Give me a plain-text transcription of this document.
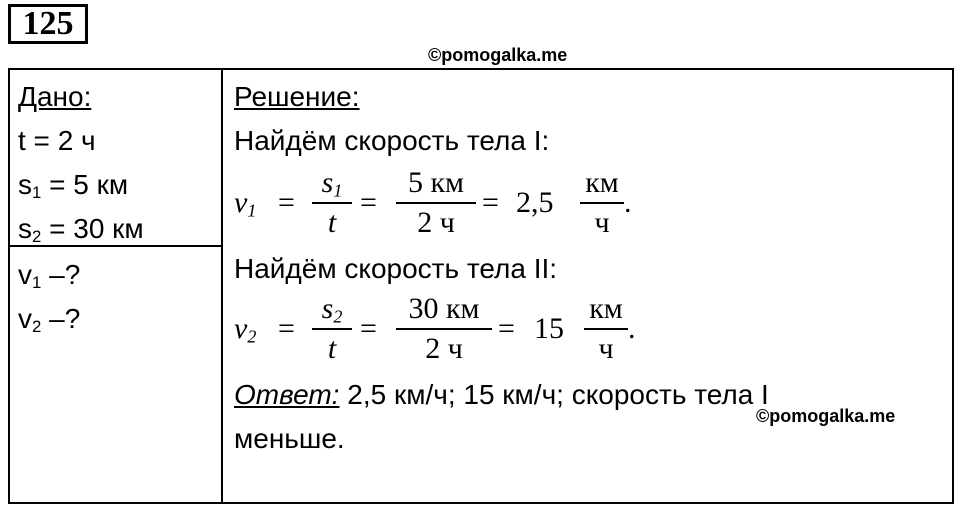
125
©pomogalka.me
Дано:
t = 2 ч
$s_1 = 5$ км
$s_2 = 30$ км
$v_1$ –?
$v_2$ –?
Решение:
Найдём скорость тела I:
$v_1$ =
$s_1$
t
=
5 км
2 ч
= 2,5
км
ч
.
Найдём скорость тела II:
$v_2$ =
$s_2$
t
=
30 км
2 ч
= 15
км
ч
.
Ответ: 2,5 км/ч; 15 км/ч; скорость тела I
©pomogalka.me
меньше.
